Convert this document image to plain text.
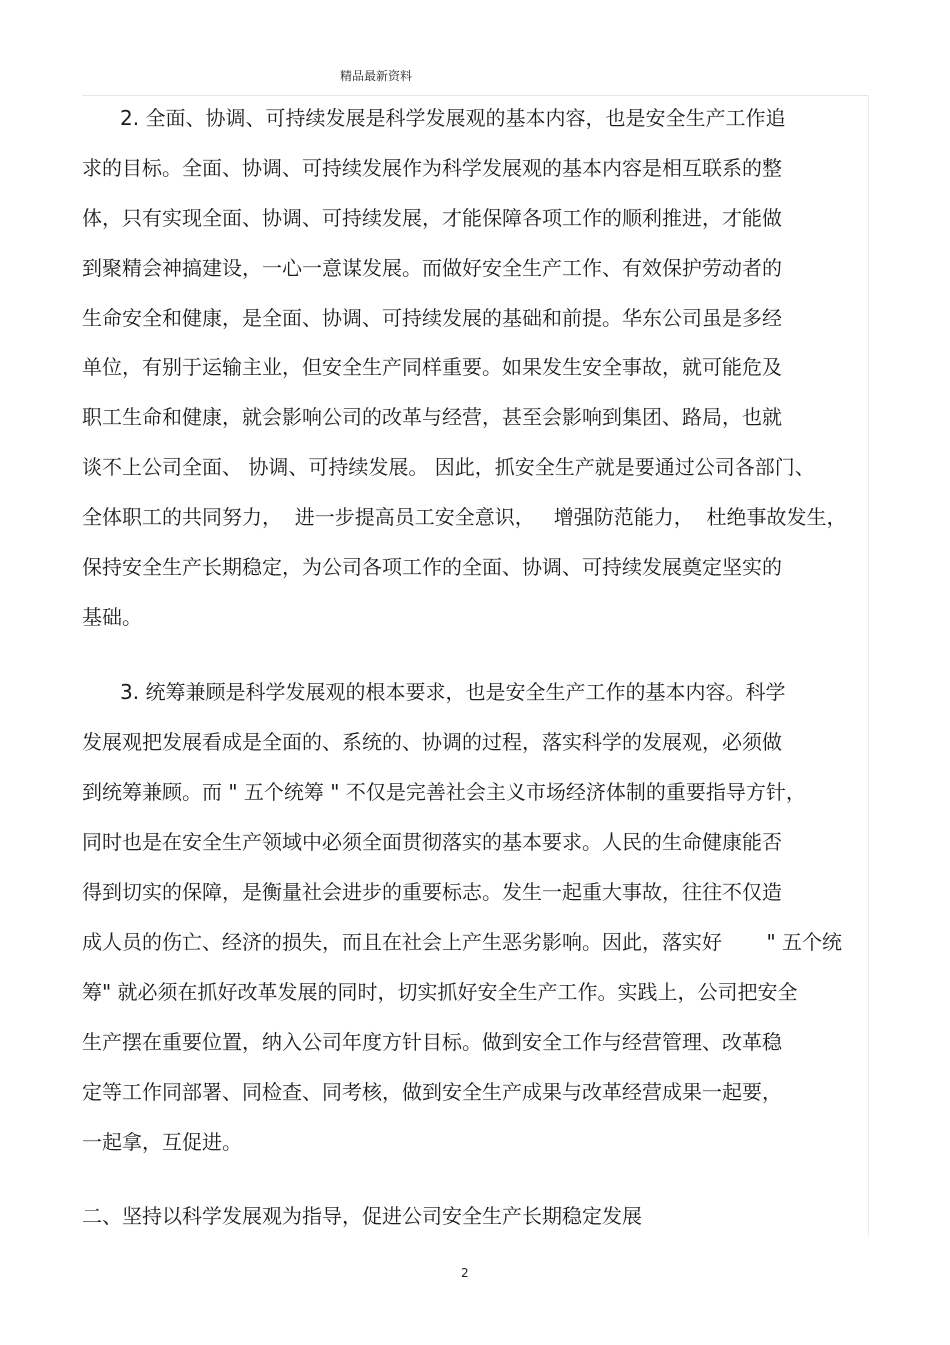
精品最新资料
2. 全面、协调、可持续发展是科学发展观的基本内容，也是安全生产工作追
求的目标。全面、协调、可持续发展作为科学发展观的基本内容是相互联系的整
体，只有实现全面、协调、可持续发展，才能保障各项工作的顺利推进，才能做
到聚精会神搞建设，一心一意谋发展。而做好安全生产工作、有效保护劳动者的
生命安全和健康，是全面、协调、可持续发展的基础和前提。华东公司虽是多经
单位，有别于运输主业，但安全生产同样重要。如果发生安全事故，就可能危及
职工生命和健康，就会影响公司的改革与经营，甚至会影响到集团、路局，也就
谈不上公司全面、 协调、可持续发展。 因此，抓安全生产就是要通过公司各部门、
全体职工的共同努力，  进一步提高员工安全意识，   增强防范能力，  杜绝事故发生，
保持安全生产长期稳定，为公司各项工作的全面、协调、可持续发展奠定坚实的
基础。
3. 统筹兼顾是科学发展观的根本要求，也是安全生产工作的基本内容。科学
发展观把发展看成是全面的、系统的、协调的过程，落实科学的发展观，必须做
到统筹兼顾。而 " 五个统筹 " 不仅是完善社会主义市场经济体制的重要指导方针，
同时也是在安全生产领域中必须全面贯彻落实的基本要求。人民的生命健康能否
得到切实的保障，是衡量社会进步的重要标志。发生一起重大事故，往往不仅造
成人员的伤亡、经济的损失，而且在社会上产生恶劣影响。因此，落实好       " 五个统
筹" 就必须在抓好改革发展的同时，切实抓好安全生产工作。实践上，公司把安全
生产摆在重要位置，纳入公司年度方针目标。做到安全工作与经营管理、改革稳
定等工作同部署、同检查、同考核，做到安全生产成果与改革经营成果一起要，
一起拿，互促进。
二、坚持以科学发展观为指导，促进公司安全生产长期稳定发展
2
